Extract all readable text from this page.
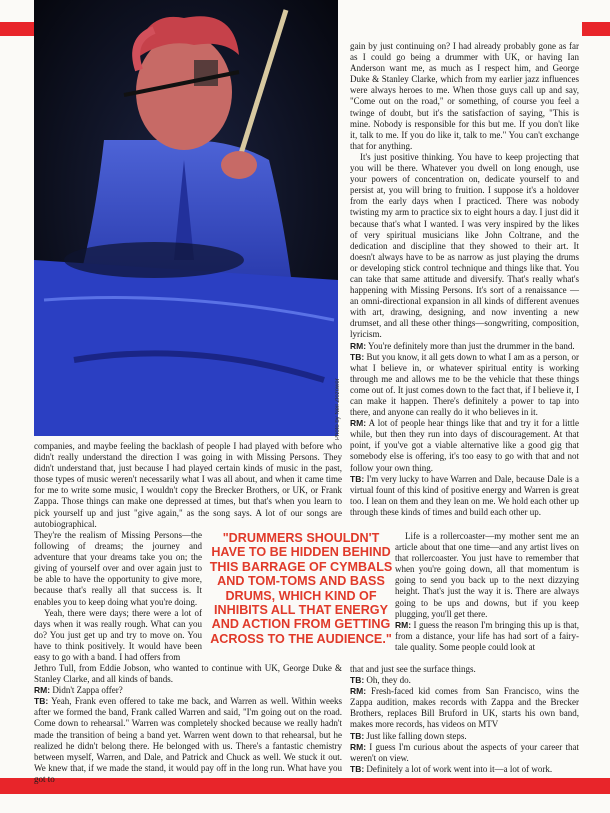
Photo by Neil Zlozower

gain by just continuing on? I had already probably gone as far as I could go being a drummer with UK, or having Ian Anderson want me, as much as I respect him, and George Duke & Stanley Clarke, which from my earlier jazz influences were always heroes to me. When those guys call up and say, "Come out on the road," or something, of course you feel a twinge of doubt, but it's the satisfaction of saying, "This is mine. Nobody is responsible for this but me. If you don't like it, talk to me. If you do like it, talk to me." You can't exchange that for anything.

It's just positive thinking. You have to keep projecting that you will be there. Whatever you dwell on long enough, use your powers of concentration on, dedicate yourself to and persist at, you will bring to fruition. I suppose it's a holdover from the early days when I practiced. There was nobody twisting my arm to practice six to eight hours a day. I just did it because that's what I wanted. I was very inspired by the likes of very spiritual musicians like John Coltrane, and the dedication and discipline that they showed to their art. It doesn't always have to be as narrow as just playing the drums or developing stick control technique and things like that. You can take that same attitude and diversify. That's really what's happening with Missing Persons. It's sort of a renaissance — an omni-directional expansion in all kinds of different avenues with art, drawing, designing, and now inventing a new drumset, and all these other things—songwriting, composition, lyricism.

RM: You're definitely more than just the drummer in the band.

TB: But you know, it all gets down to what I am as a person, or what I believe in, or whatever spiritual entity is working through me and allows me to be the vehicle that these things come out of. It just comes down to the fact that, if I believe it, I can make it happen. There's definitely a power to tap into there, and anyone can really do it who believes in it.

RM: A lot of people hear things like that and try it for a little while, but then they run into days of discouragement. At that point, if you've got a viable alternative like a good gig that somebody else is offering, it's too easy to go with that and not follow your own thing.

TB: I'm very lucky to have Warren and Dale, because Dale is a virtual fount of this kind of positive energy and Warren is great too. I lean on them and they lean on me. We hold each other up through these kinds of times and build each other up.

Life is a rollercoaster—my mother sent me an article about that one time—and any artist lives on that rollercoaster. You just have to remember that when you're going down, all that momentum is going to send you back up to the next dizzying height. That's just the way it is. There are always going to be ups and downs, but if you keep plugging, you'll get there.

RM: I guess the reason I'm bringing this up is that, from a distance, your life has had sort of a fairy-tale quality. Some people could look at

that and just see the surface things.

TB: Oh, they do.

RM: Fresh-faced kid comes from San Francisco, wins the Zappa audition, makes records with Zappa and the Brecker Brothers, replaces Bill Bruford in UK, starts his own band, makes more records, has videos on MTV

TB: Just like falling down steps.

RM: I guess I'm curious about the aspects of your career that weren't on view.

TB: Definitely a lot of work went into it—a lot of work.

companies, and maybe feeling the backlash of people I had played with before who didn't really understand the direction I was going in with Missing Persons. They didn't understand that, just because I had played certain kinds of music in the past, those types of music weren't necessarily what I was all about, and when it came time for me to write some music, I wouldn't copy the Brecker Brothers, or UK, or Frank Zappa. Those things can make one depressed at times, but that's when you learn to pick yourself up and just "give again," as the song says. A lot of our songs are autobiographical.

They're the realism of Missing Persons—the following of dreams; the journey and adventure that your dreams take you on; the giving of yourself over and over again just to be able to have the opportunity to give more, because that's really all that success is. It enables you to keep doing what you're doing.

Yeah, there were days; there were a lot of days when it was really rough. What can you do? You just get up and try to move on. You have to think positively. It would have been easy to go with a band. I had offers from

"DRUMMERS SHOULDN'T HAVE TO BE HIDDEN BEHIND THIS BARRAGE OF CYMBALS AND TOM-TOMS AND BASS DRUMS, WHICH KIND OF INHIBITS ALL THAT ENERGY AND ACTION FROM GETTING ACROSS TO THE AUDIENCE."

Jethro Tull, from Eddie Jobson, who wanted to continue with UK, George Duke & Stanley Clarke, and all kinds of bands.

RM: Didn't Zappa offer?

TB: Yeah, Frank even offered to take me back, and Warren as well. Within weeks after we formed the band, Frank called Warren and said, "I'm going out on the road. Come down to rehearsal." Warren was completely shocked because we really hadn't made the transition of being a band yet. Warren went down to that rehearsal, but he realized he didn't belong there. He belonged with us. There's a fantastic chemistry between myself, Warren, and Dale, and Patrick and Chuck as well. We stuck it out. We knew that, if we made the stand, it would pay off in the long run. What have you got to
